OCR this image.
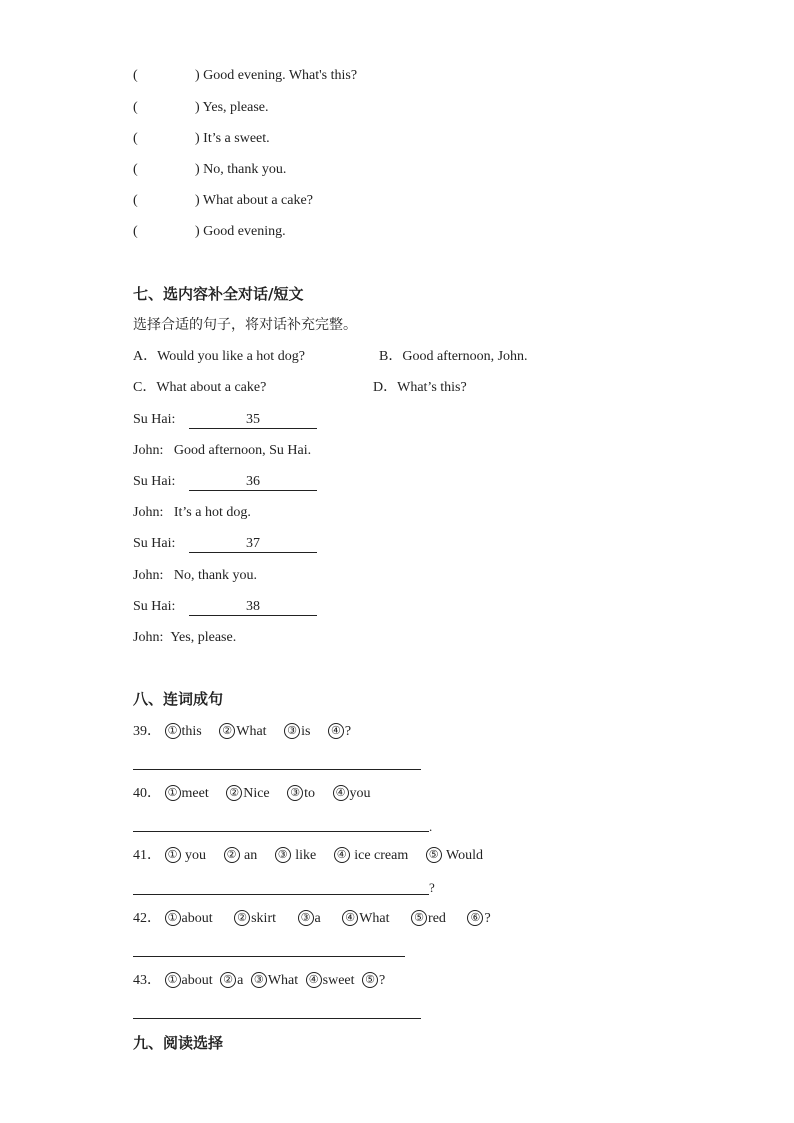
(	) Good evening. What's this?
(	) Yes, please.
(	) It’s a sweet.
(	) No, thank you.
(	) What about a cake?
(	) Good evening.
七、选内容补全对话/短文
选择合适的句子，将对话补充完整。
A．Would you like a hot dog?	B．Good afternoon, John.
C．What about a cake?	D．What’s this?
Su Hai:	35
John: Good afternoon, Su Hai.
Su Hai:	36
John: It’s a hot dog.
Su Hai:	37
John: No, thank you.
Su Hai:	38
John: Yes, please.
八、连词成句
39． ① this ② What ③ is ④ ?
40． ① meet ② Nice ③ to ④ you
.
41． ① you ② an ③ like ④ ice cream ⑤ Would
?
42． ① about ② skirt ③ a ④ What ⑤ red ⑥ ?
43． ① about ② a ③ What ④ sweet ⑤ ?
九、阅读选择
